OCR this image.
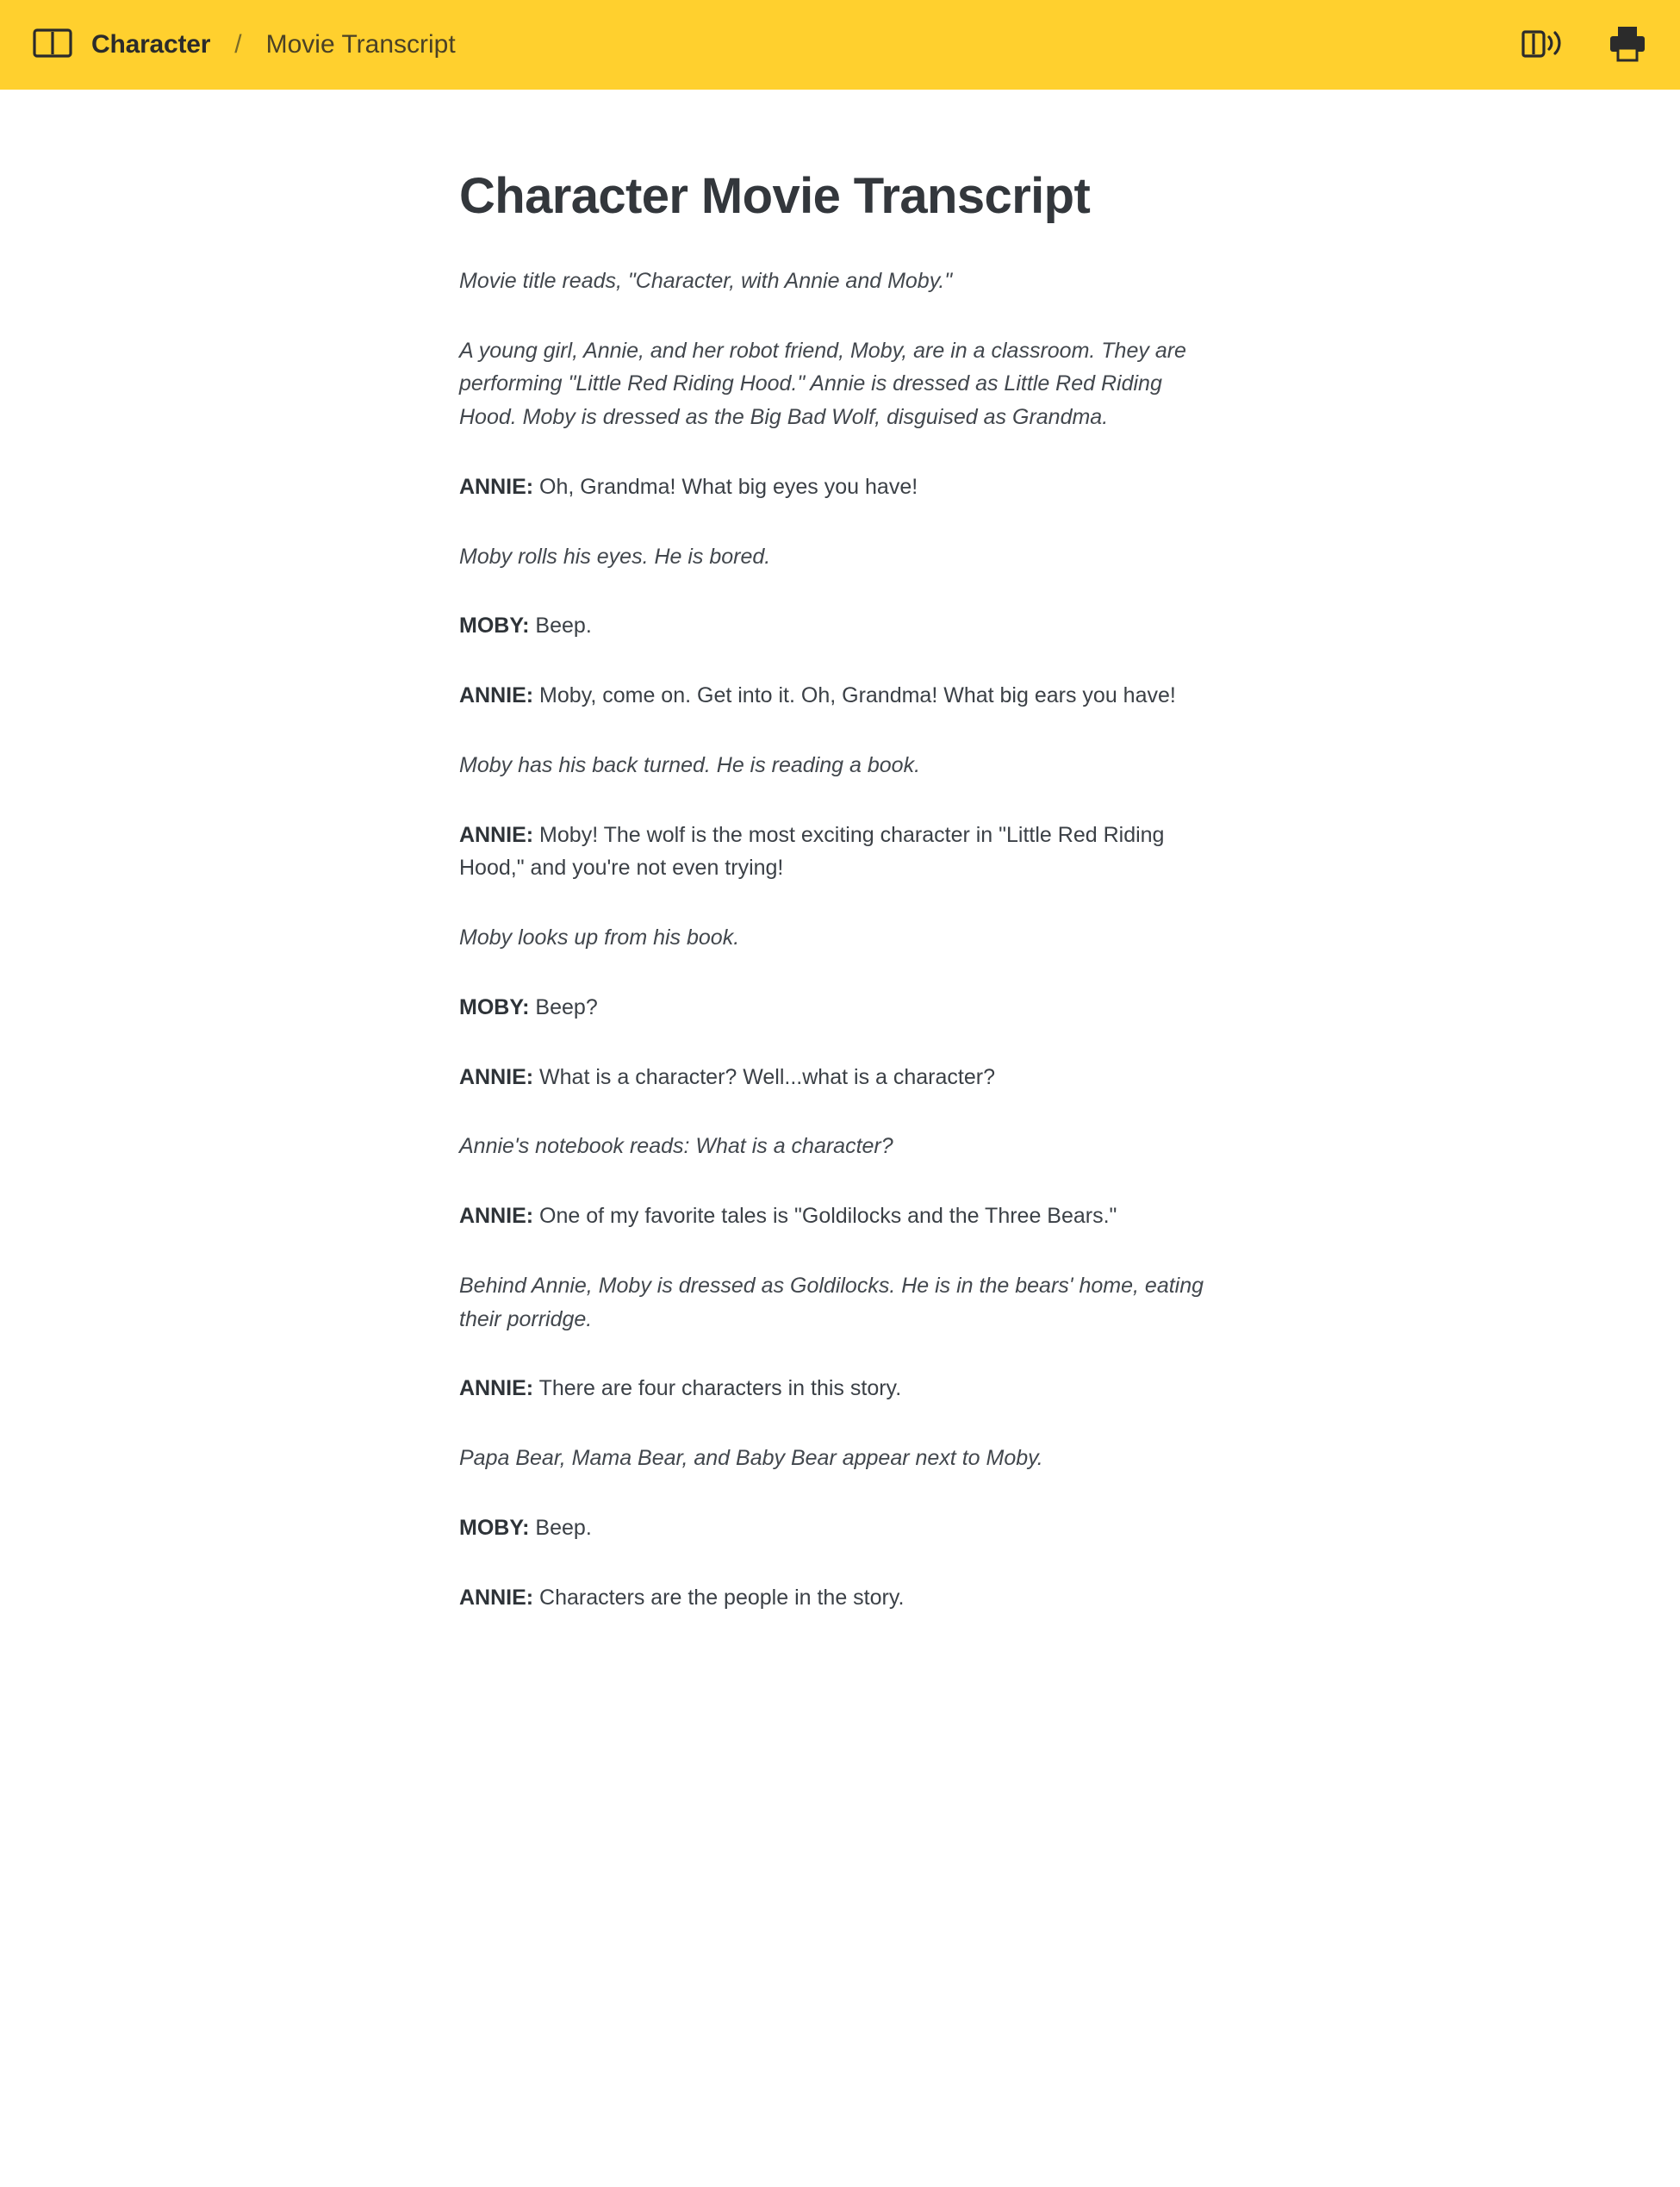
Character / Movie Transcript
Character Movie Transcript

Movie title reads, "Character, with Annie and Moby."

A young girl, Annie, and her robot friend, Moby, are in a classroom. They are performing "Little Red Riding Hood." Annie is dressed as Little Red Riding Hood. Moby is dressed as the Big Bad Wolf, disguised as Grandma.

ANNIE: Oh, Grandma! What big eyes you have!

Moby rolls his eyes. He is bored.

MOBY: Beep.

ANNIE: Moby, come on. Get into it. Oh, Grandma! What big ears you have!

Moby has his back turned. He is reading a book.

ANNIE: Moby! The wolf is the most exciting character in "Little Red Riding Hood," and you're not even trying!

Moby looks up from his book.

MOBY: Beep?

ANNIE: What is a character? Well...what is a character?

Annie's notebook reads: What is a character?

ANNIE: One of my favorite tales is "Goldilocks and the Three Bears."

Behind Annie, Moby is dressed as Goldilocks. He is in the bears' home, eating their porridge.

ANNIE: There are four characters in this story.

Papa Bear, Mama Bear, and Baby Bear appear next to Moby.

MOBY: Beep.

ANNIE: Characters are the people in the story.
